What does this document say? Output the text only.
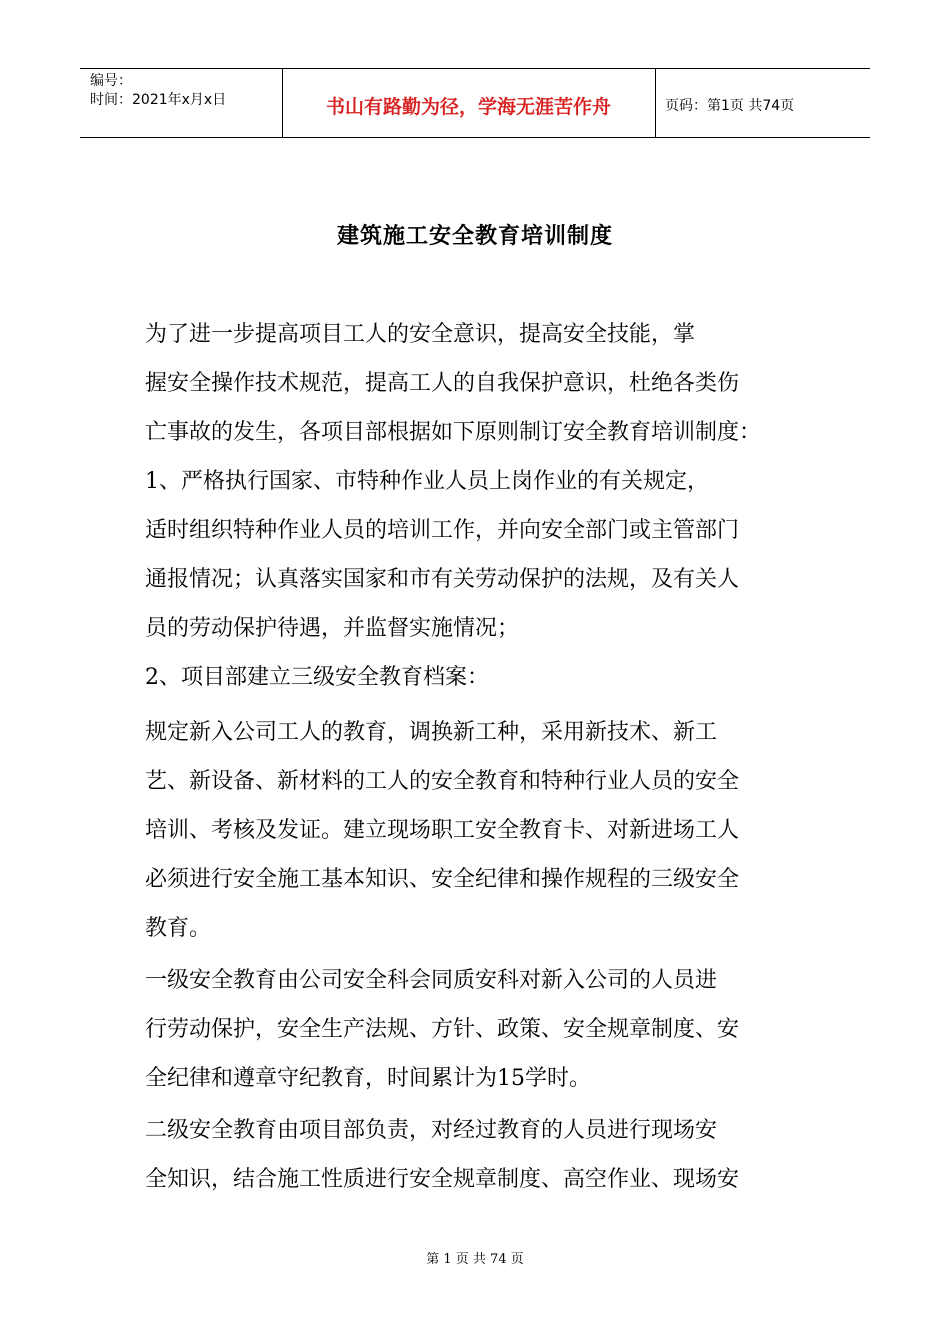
编号：
时间：2021年x月x日	书山有路勤为径，学海无涯苦作舟	页码：第1页 共74页
建筑施工安全教育培训制度
为了进一步提高项目工人的安全意识，提高安全技能，掌
握安全操作技术规范，提高工人的自我保护意识，杜绝各类伤
亡事故的发生，各项目部根据如下原则制订安全教育培训制度：
1、严格执行国家、市特种作业人员上岗作业的有关规定，
适时组织特种作业人员的培训工作，并向安全部门或主管部门
通报情况；认真落实国家和市有关劳动保护的法规，及有关人
员的劳动保护待遇，并监督实施情况；
2、项目部建立三级安全教育档案：
规定新入公司工人的教育，调换新工种，采用新技术、新工
艺、新设备、新材料的工人的安全教育和特种行业人员的安全
培训、考核及发证。建立现场职工安全教育卡、对新进场工人
必须进行安全施工基本知识、安全纪律和操作规程的三级安全
教育。
一级安全教育由公司安全科会同质安科对新入公司的人员进
行劳动保护，安全生产法规、方针、政策、安全规章制度、安
全纪律和遵章守纪教育，时间累计为15学时。
二级安全教育由项目部负责，对经过教育的人员进行现场安
全知识，结合施工性质进行安全规章制度、高空作业、现场安
第 1 页 共 74 页
